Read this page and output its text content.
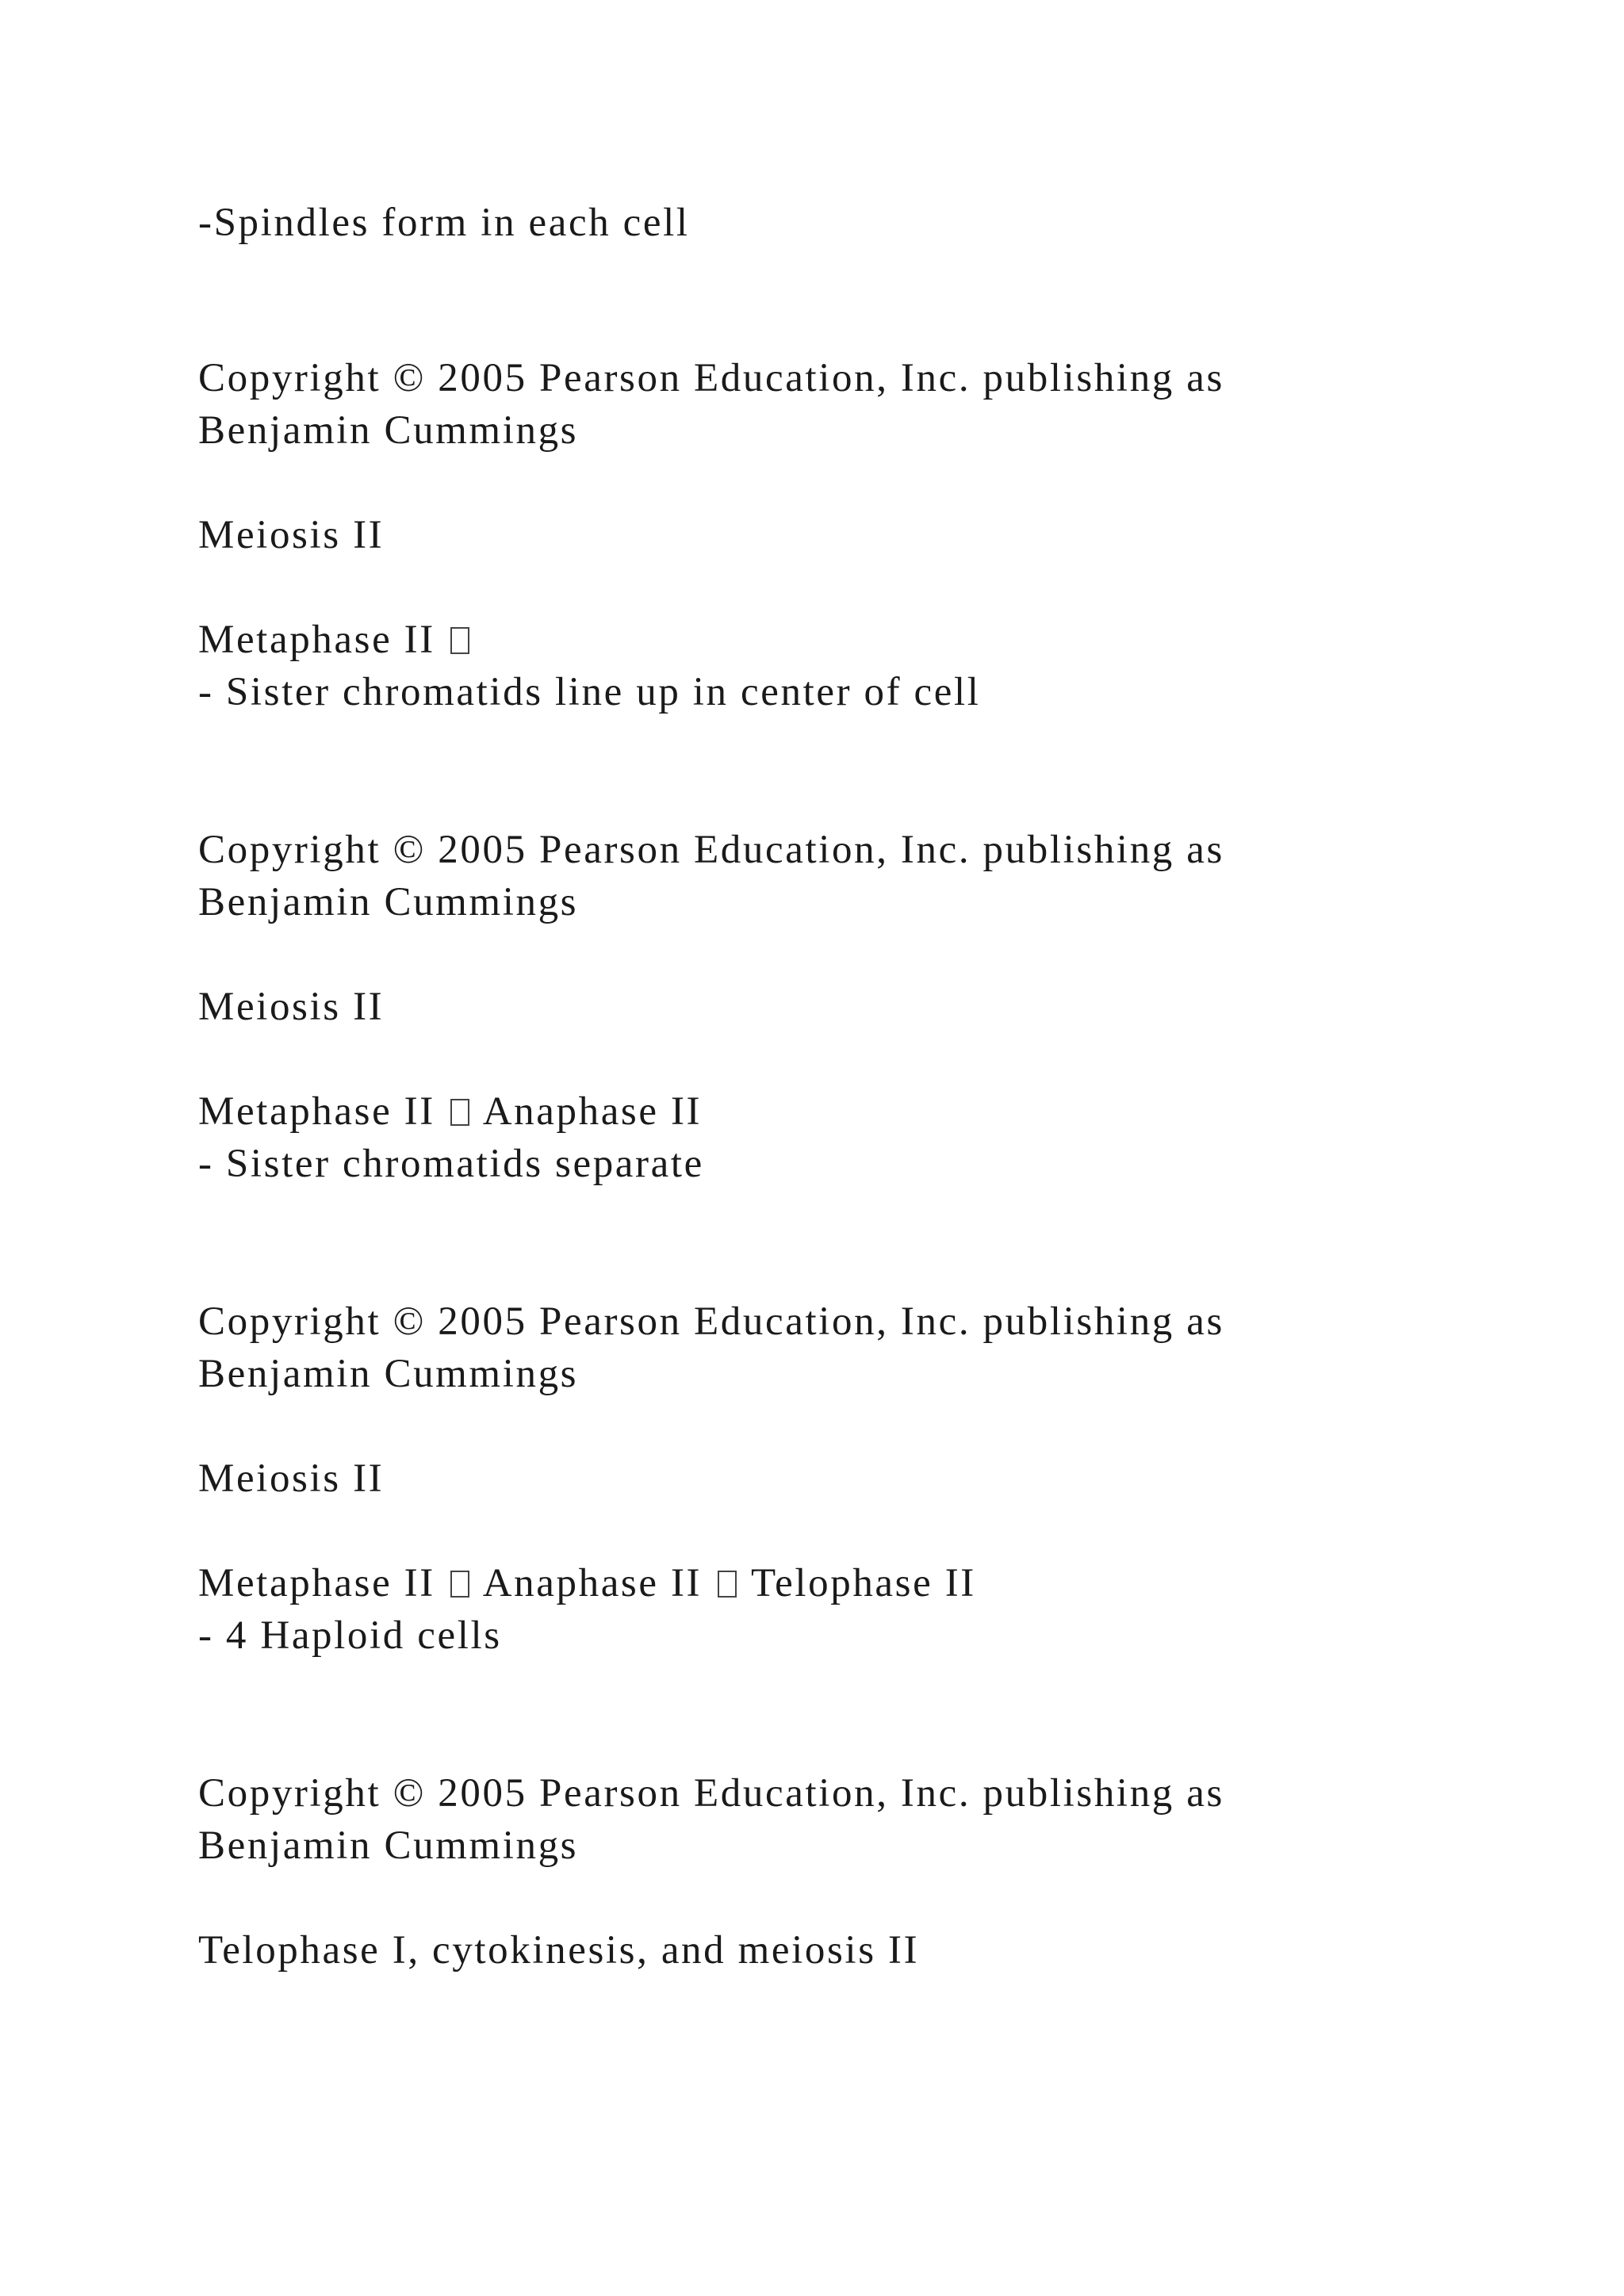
-Spindles form in each cell

Copyright © 2005 Pearson Education, Inc. publishing as

Benjamin Cummings

Meiosis II

Metaphase II

- Sister chromatids line up in center of cell

Copyright © 2005 Pearson Education, Inc. publishing as

Benjamin Cummings

Meiosis II

Metaphase II Anaphase II

- Sister chromatids separate

Copyright © 2005 Pearson Education, Inc. publishing as

Benjamin Cummings

Meiosis II

Metaphase II Anaphase II Telophase II

- 4 Haploid cells

Copyright © 2005 Pearson Education, Inc. publishing as

Benjamin Cummings

Telophase I, cytokinesis, and meiosis II
